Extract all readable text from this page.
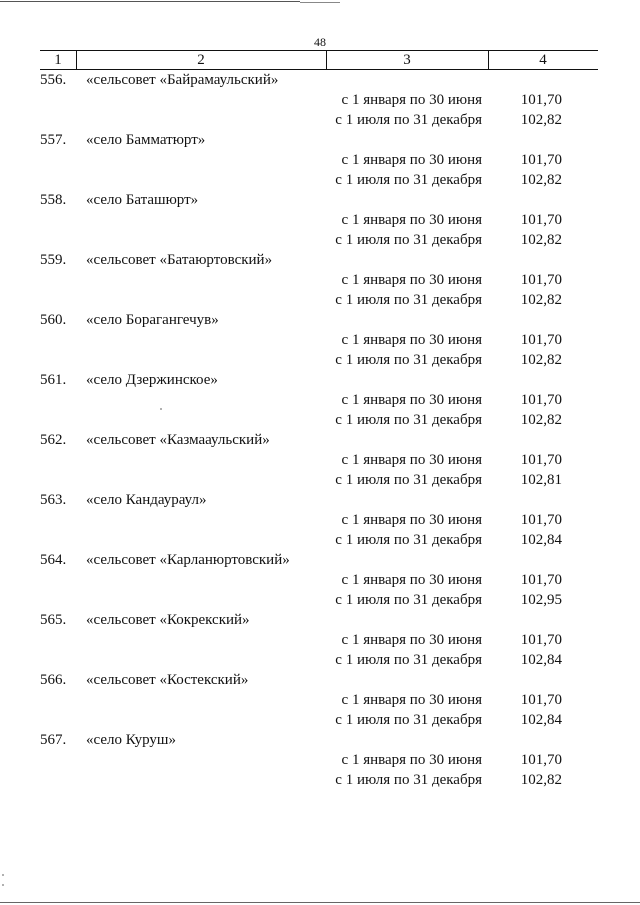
48
1	2	3	4
556.	«сельсовет «Байрамаульский»
с 1 января по 30 июня	101,70
с 1 июля по 31 декабря	102,82
557.	«село Бамматюрт»
с 1 января по 30 июня	101,70
с 1 июля по 31 декабря	102,82
558.	«село Баташюрт»
с 1 января по 30 июня	101,70
с 1 июля по 31 декабря	102,82
559.	«сельсовет «Батаюртовский»
с 1 января по 30 июня	101,70
с 1 июля по 31 декабря	102,82
560.	«село Борагангечув»
с 1 января по 30 июня	101,70
с 1 июля по 31 декабря	102,82
561.	«село Дзержинское»
с 1 января по 30 июня	101,70
с 1 июля по 31 декабря	102,82
562.	«сельсовет «Казмааульский»
с 1 января по 30 июня	101,70
с 1 июля по 31 декабря	102,81
563.	«село Кандаураул»
с 1 января по 30 июня	101,70
с 1 июля по 31 декабря	102,84
564.	«сельсовет «Карланюртовский»
с 1 января по 30 июня	101,70
с 1 июля по 31 декабря	102,95
565.	«сельсовет «Кокрекский»
с 1 января по 30 июня	101,70
с 1 июля по 31 декабря	102,84
566.	«сельсовет «Костекский»
с 1 января по 30 июня	101,70
с 1 июля по 31 декабря	102,84
567.	«село Куруш»
с 1 января по 30 июня	101,70
с 1 июля по 31 декабря	102,82
